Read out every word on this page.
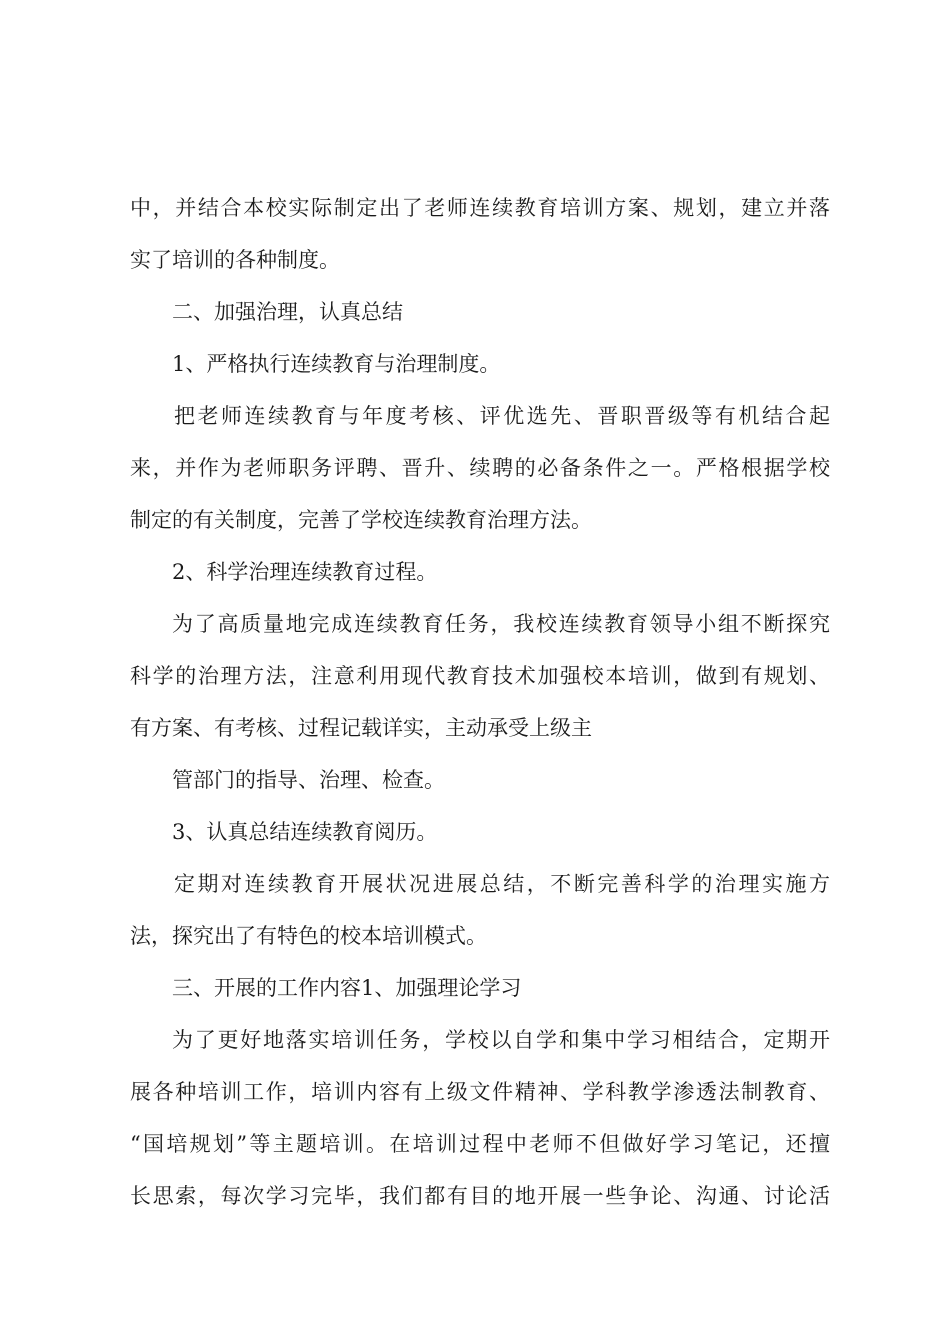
中，并结合本校实际制定出了老师连续教育培训方案、规划，建立并落
实了培训的各种制度。
二、加强治理，认真总结
1、严格执行连续教育与治理制度。
把老师连续教育与年度考核、评优选先、晋职晋级等有机结合起
来，并作为老师职务评聘、晋升、续聘的必备条件之一。严格根据学校
制定的有关制度，完善了学校连续教育治理方法。
2、科学治理连续教育过程。
为了高质量地完成连续教育任务，我校连续教育领导小组不断探究
科学的治理方法，注意利用现代教育技术加强校本培训，做到有规划、
有方案、有考核、过程记载详实，主动承受上级主
管部门的指导、治理、检查。
3、认真总结连续教育阅历。
定期对连续教育开展状况进展总结，不断完善科学的治理实施方
法，探究出了有特色的校本培训模式。
三、开展的工作内容1、加强理论学习
为了更好地落实培训任务，学校以自学和集中学习相结合，定期开
展各种培训工作，培训内容有上级文件精神、学科教学渗透法制教育、
“国培规划”等主题培训。在培训过程中老师不但做好学习笔记，还擅
长思索，每次学习完毕，我们都有目的地开展一些争论、沟通、讨论活
